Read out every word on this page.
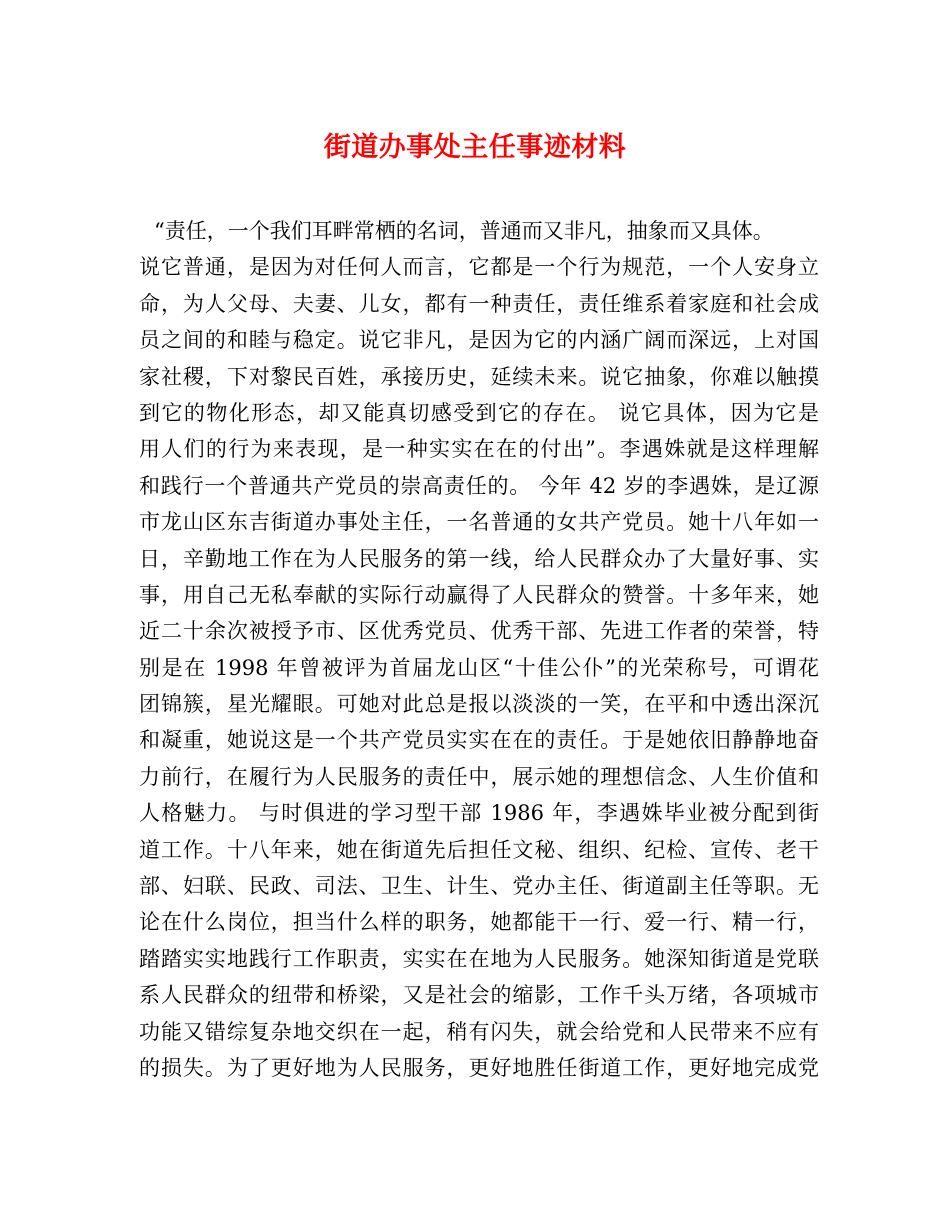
街道办事处主任事迹材料
“责任，一个我们耳畔常栖的名词，普通而又非凡，抽象而又具体。
说它普通，是因为对任何人而言，它都是一个行为规范，一个人安身立
命，为人父母、夫妻、儿女，都有一种责任，责任维系着家庭和社会成
员之间的和睦与稳定。说它非凡，是因为它的内涵广阔而深远，上对国
家社稷，下对黎民百姓，承接历史，延续未来。说它抽象，你难以触摸
到它的物化形态，却又能真切感受到它的存在。 说它具体，因为它是
用人们的行为来表现，是一种实实在在的付出”。李遇姝就是这样理解
和践行一个普通共产党员的崇高责任的。 今年 42 岁的李遇姝，是辽源
市龙山区东吉街道办事处主任，一名普通的女共产党员。她十八年如一
日，辛勤地工作在为人民服务的第一线，给人民群众办了大量好事、实
事，用自己无私奉献的实际行动赢得了人民群众的赞誉。十多年来，她
近二十余次被授予市、区优秀党员、优秀干部、先进工作者的荣誉，特
别是在 1998 年曾被评为首届龙山区“十佳公仆”的光荣称号，可谓花
团锦簇，星光耀眼。可她对此总是报以淡淡的一笑，在平和中透出深沉
和凝重，她说这是一个共产党员实实在在的责任。于是她依旧静静地奋
力前行，在履行为人民服务的责任中，展示她的理想信念、人生价值和
人格魅力。 与时俱进的学习型干部 1986 年，李遇姝毕业被分配到街
道工作。十八年来，她在街道先后担任文秘、组织、纪检、宣传、老干
部、妇联、民政、司法、卫生、计生、党办主任、街道副主任等职。无
论在什么岗位，担当什么样的职务，她都能干一行、爱一行、精一行，
踏踏实实地践行工作职责，实实在在地为人民服务。她深知街道是党联
系人民群众的纽带和桥梁，又是社会的缩影，工作千头万绪，各项城市
功能又错综复杂地交织在一起，稍有闪失，就会给党和人民带来不应有
的损失。为了更好地为人民服务，更好地胜任街道工作，更好地完成党
